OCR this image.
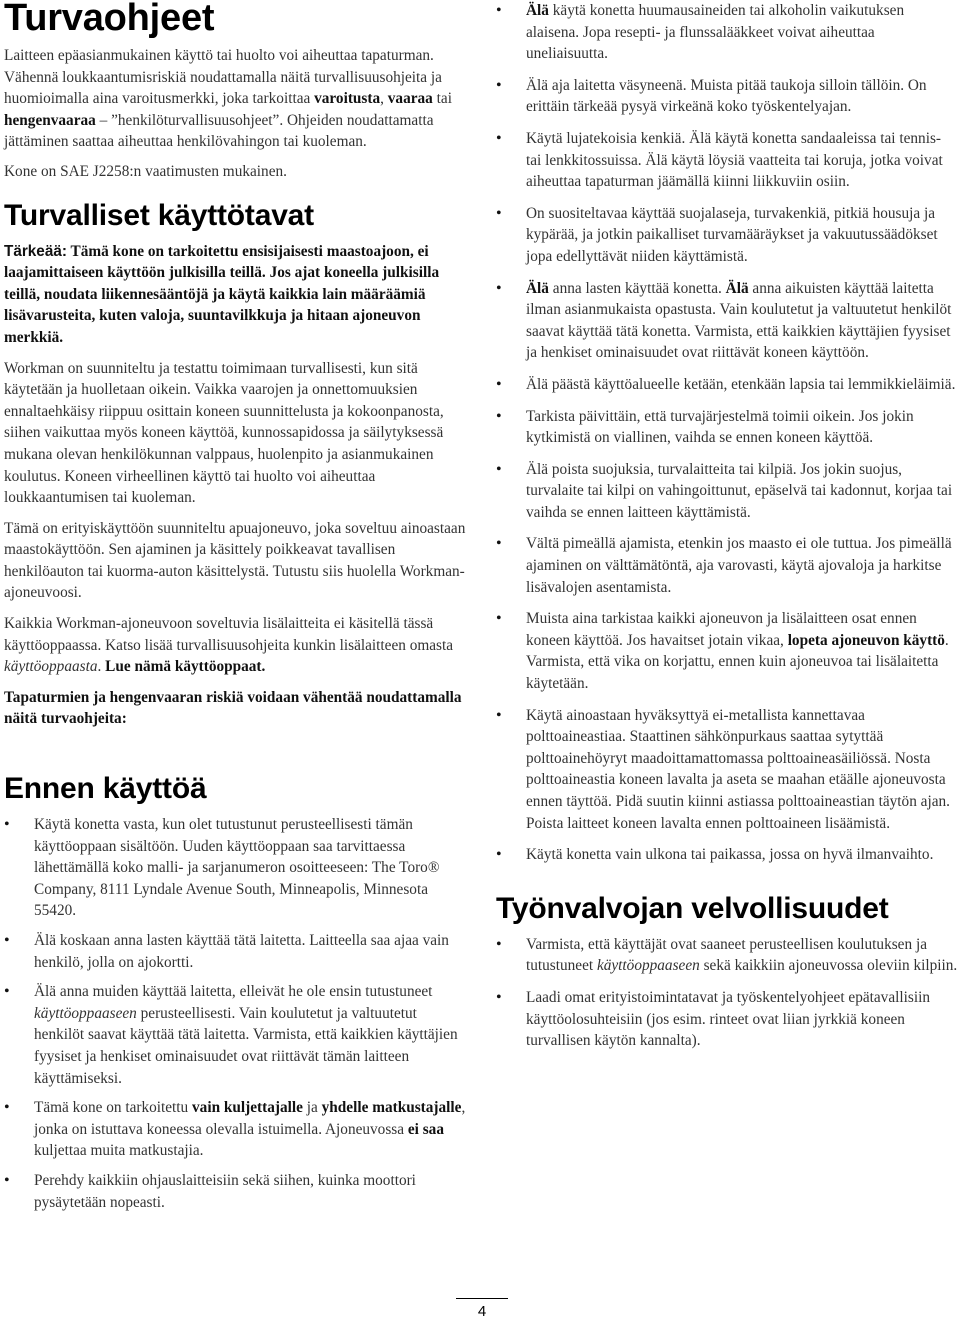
Turvaohjeet

Laitteen epäasianmukainen käyttö tai huolto voi aiheuttaa tapaturman. Vähennä loukkaantumisriskiä noudattamalla näitä turvallisuusohjeita ja huomioimalla aina varoitusmerkki, joka tarkoittaa varoitusta, vaaraa tai hengenvaaraa – ”henkilöturvallisuusohjeet”. Ohjeiden noudattamatta jättäminen saattaa aiheuttaa henkilövahingon tai kuoleman.

Kone on SAE J2258:n vaatimusten mukainen.

Turvalliset käyttötavat

Tärkeää: Tämä kone on tarkoitettu ensisijaisesti maastoajoon, ei laajamittaiseen käyttöön julkisilla teillä. Jos ajat koneella julkisilla teillä, noudata liikennesääntöjä ja käytä kaikkia lain määräämiä lisävarusteita, kuten valoja, suuntavilkkuja ja hitaan ajoneuvon merkkiä.

Workman on suunniteltu ja testattu toimimaan turvallisesti, kun sitä käytetään ja huolletaan oikein. Vaikka vaarojen ja onnettomuuksien ennaltaehkäisy riippuu osittain koneen suunnittelusta ja kokoonpanosta, siihen vaikuttaa myös koneen käyttöä, kunnossapidossa ja säilytyksessä mukana olevan henkilökunnan valppaus, huolenpito ja asianmukainen koulutus. Koneen virheellinen käyttö tai huolto voi aiheuttaa loukkaantumisen tai kuoleman.

Tämä on erityiskäyttöön suunniteltu apuajoneuvo, joka soveltuu ainoastaan maastokäyttöön. Sen ajaminen ja käsittely poikkeavat tavallisen henkilöauton tai kuorma-auton käsittelystä. Tutustu siis huolella Workman-ajoneuvoosi.

Kaikkia Workman-ajoneuvoon soveltuvia lisälaitteita ei käsitellä tässä käyttöoppaassa. Katso lisää turvallisuusohjeita kunkin lisälaitteen omasta käyttöoppaasta. Lue nämä käyttöoppaat.

Tapaturmien ja hengenvaaran riskiä voidaan vähentää noudattamalla näitä turvaohjeita:

Ennen käyttöä
• Käytä konetta vasta, kun olet tutustunut perusteellisesti tämän käyttöoppaan sisältöön. Uuden käyttöoppaan saa tarvittaessa lähettämällä koko malli- ja sarjanumeron osoitteeseen: The Toro® Company, 8111 Lyndale Avenue South, Minneapolis, Minnesota 55420.
• Älä koskaan anna lasten käyttää tätä laitetta. Laitteella saa ajaa vain henkilö, jolla on ajokortti.
• Älä anna muiden käyttää laitetta, elleivät he ole ensin tutustuneet käyttöoppaaseen perusteellisesti. Vain koulutetut ja valtuutetut henkilöt saavat käyttää tätä laitetta. Varmista, että kaikkien käyttäjien fyysiset ja henkiset ominaisuudet ovat riittävät tämän laitteen käyttämiseksi.
• Tämä kone on tarkoitettu vain kuljettajalle ja yhdelle matkustajalle, jonka on istuttava koneessa olevalla istuimella. Ajoneuvossa ei saa kuljettaa muita matkustajia.
• Perehdy kaikkiin ohjauslaitteisiin sekä siihen, kuinka moottori pysäytetään nopeasti.
• Älä käytä konetta huumausaineiden tai alkoholin vaikutuksen alaisena. Jopa resepti- ja flunssalääkkeet voivat aiheuttaa uneliaisuutta.
• Älä aja laitetta väsyneenä. Muista pitää taukoja silloin tällöin. On erittäin tärkeää pysyä virkeänä koko työskentelyajan.
• Käytä lujatekoisia kenkiä. Älä käytä konetta sandaaleissa tai tennis- tai lenkkitossuissa. Älä käytä löysiä vaatteita tai koruja, jotka voivat aiheuttaa tapaturman jäämällä kiinni liikkuviin osiin.
• On suositeltavaa käyttää suojalaseja, turvakenkiä, pitkiä housuja ja kypärää, ja jotkin paikalliset turvamääräykset ja vakuutussäädökset jopa edellyttävät niiden käyttämistä.
• Älä anna lasten käyttää konetta. Älä anna aikuisten käyttää laitetta ilman asianmukaista opastusta. Vain koulutetut ja valtuutetut henkilöt saavat käyttää tätä konetta. Varmista, että kaikkien käyttäjien fyysiset ja henkiset ominaisuudet ovat riittävät koneen käyttöön.
• Älä päästä käyttöalueelle ketään, etenkään lapsia tai lemmikkieläimiä.
• Tarkista päivittäin, että turvajärjestelmä toimii oikein. Jos jokin kytkimistä on viallinen, vaihda se ennen koneen käyttöä.
• Älä poista suojuksia, turvalaitteita tai kilpiä. Jos jokin suojus, turvalaite tai kilpi on vahingoittunut, epäselvä tai kadonnut, korjaa tai vaihda se ennen laitteen käyttämistä.
• Vältä pimeällä ajamista, etenkin jos maasto ei ole tuttua. Jos pimeällä ajaminen on välttämätöntä, aja varovasti, käytä ajovaloja ja harkitse lisävalojen asentamista.
• Muista aina tarkistaa kaikki ajoneuvon ja lisälaitteen osat ennen koneen käyttöä. Jos havaitset jotain vikaa, lopeta ajoneuvon käyttö. Varmista, että vika on korjattu, ennen kuin ajoneuvoa tai lisälaitetta käytetään.
• Käytä ainoastaan hyväksyttyä ei-metallista kannettavaa polttoaineastiaa. Staattinen sähkönpurkaus saattaa sytyttää polttoainehöyryt maadoittamattomassa polttoaineasäiliössä. Nosta polttoaineastia koneen lavalta ja aseta se maahan etäälle ajoneuvosta ennen täyttöä. Pidä suutin kiinni astiassa polttoaineastian täytön ajan. Poista laitteet koneen lavalta ennen polttoaineen lisäämistä.
• Käytä konetta vain ulkona tai paikassa, jossa on hyvä ilmanvaihto.
Työnvalvojan velvollisuudet
• Varmista, että käyttäjät ovat saaneet perusteellisen koulutuksen ja tutustuneet käyttöoppaaseen sekä kaikkiin ajoneuvossa oleviin kilpiin.
• Laadi omat erityistoimintatavat ja työskentelyohjeet epätavallisiin käyttöolosuhteisiin (jos esim. rinteet ovat liian jyrkkiä koneen turvallisen käytön kannalta).
4
